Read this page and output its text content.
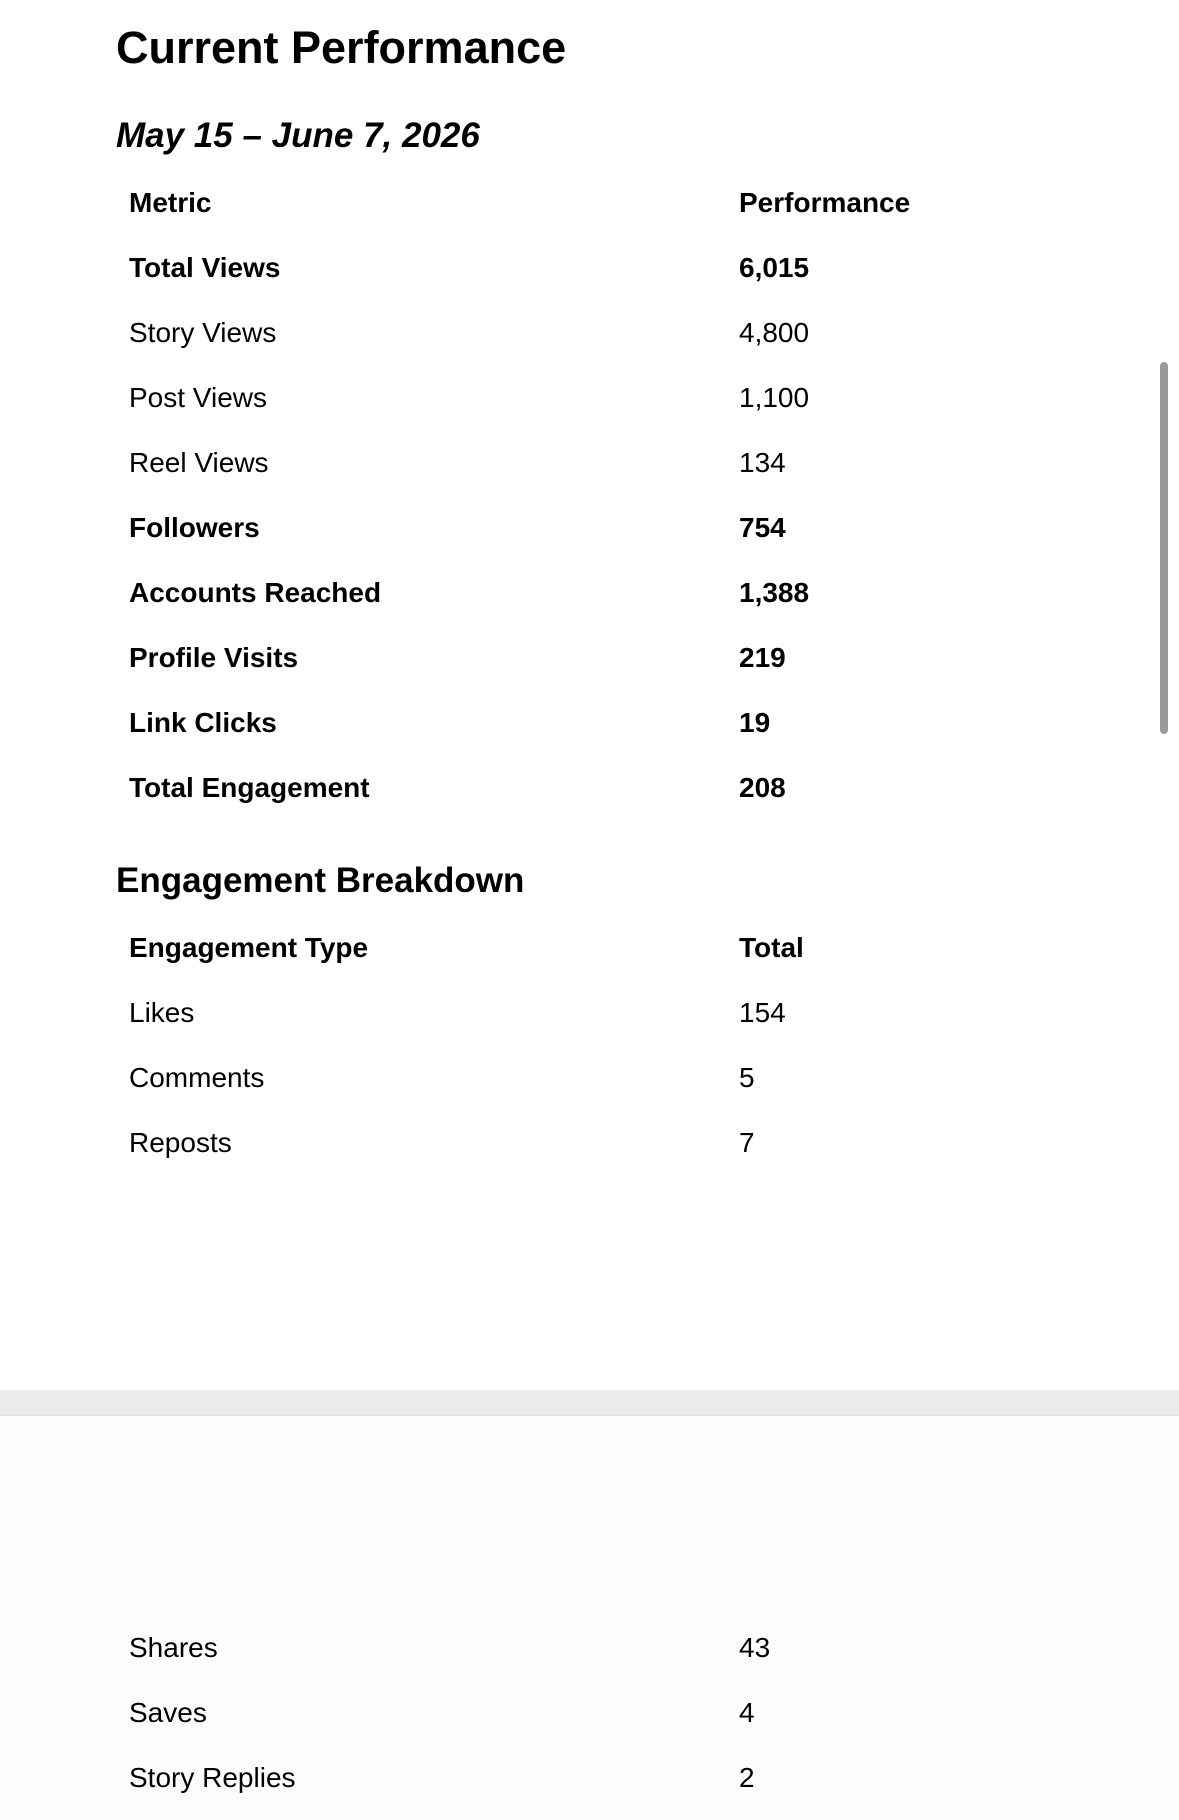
Current Performance
May 15 – June 7, 2026
Metric	Performance
Total Views	6,015
Story Views	4,800
Post Views	1,100
Reel Views	134
Followers	754
Accounts Reached	1,388
Profile Visits	219
Link Clicks	19
Total Engagement	208
Engagement Breakdown
Engagement Type	Total
Likes	154
Comments	5
Reposts	7
Shares	43
Saves	4
Story Replies	2
